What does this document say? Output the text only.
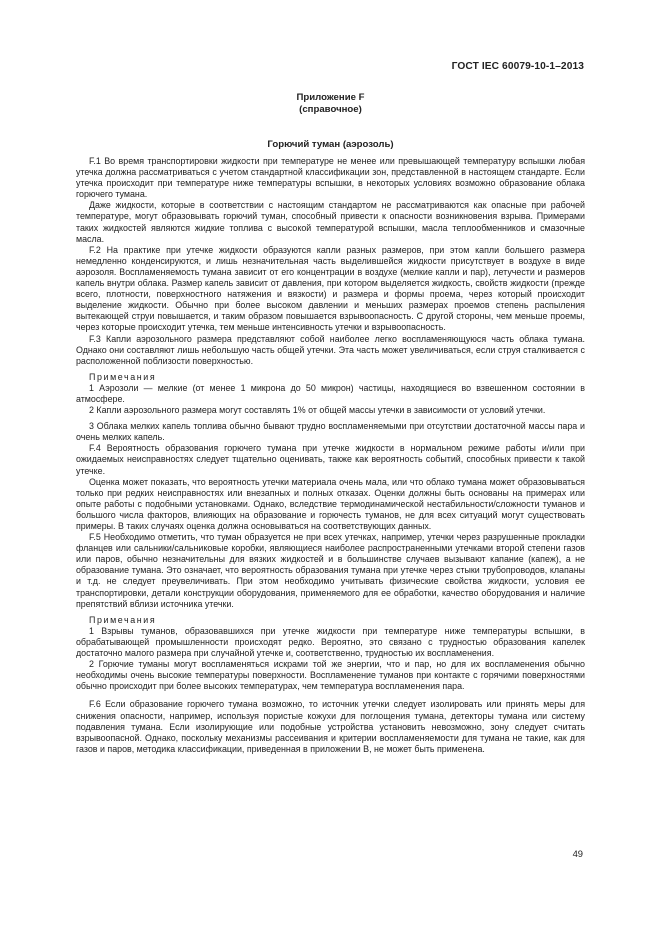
ГОСТ IEC 60079-10-1–2013
Приложение F
(справочное)
Горючий туман (аэрозоль)

F.1 Во время транспортировки жидкости при температуре не менее или превышающей температуру вспышки любая утечка должна рассматриваться с учетом стандартной классификации зон, представленной в настоящем стандарте. Если утечка происходит при температуре ниже температуры вспышки, в некоторых условиях возможно образование облака горючего тумана.

Даже жидкости, которые в соответствии с настоящим стандартом не рассматриваются как опасные при рабочей температуре, могут образовывать горючий туман, способный привести к опасности возникновения взрыва. Примерами таких жидкостей являются жидкие топлива с высокой температурой вспышки, масла теплообменников и смазочные масла.

F.2 На практике при утечке жидкости образуются капли разных размеров, при этом капли большего размера немедленно конденсируются, и лишь незначительная часть выделившейся жидкости присутствует в воздухе в виде аэрозоля. Воспламеняемость тумана зависит от его концентрации в воздухе (мелкие капли и пар), летучести и размеров капель внутри облака. Размер капель зависит от давления, при котором выделяется жидкость, свойств жидкости (прежде всего, плотности, поверхностного натяжения и вязкости) и размера и формы проема, через который происходит выделение жидкости. Обычно при более высоком давлении и меньших размерах проемов степень распыления вытекающей струи повышается, и таким образом повышается взрывоопасность. С другой стороны, чем меньше проемы, через которые происходит утечка, тем меньше интенсивность утечки и взрывоопасность.

F.3 Капли аэрозольного размера представляют собой наиболее легко воспламеняющуюся часть облака тумана. Однако они составляют лишь небольшую часть общей утечки. Эта часть может увеличиваться, если струя сталкивается с расположенной поблизости поверхностью.

Примечания

1 Аэрозоли — мелкие (от менее 1 микрона до 50 микрон) частицы, находящиеся во взвешенном состоянии в атмосфере.

2 Капли аэрозольного размера могут составлять 1% от общей массы утечки в зависимости от условий утечки.

3 Облака мелких капель топлива обычно бывают трудно воспламеняемыми при отсутствии достаточной массы пара и очень мелких капель.

F.4 Вероятность образования горючего тумана при утечке жидкости в нормальном режиме работы и/или при ожидаемых неисправностях следует тщательно оценивать, также как вероятность событий, способных привести к такой утечке.

Оценка может показать, что вероятность утечки материала очень мала, или что облако тумана может образовываться только при редких неисправностях или внезапных и полных отказах. Оценки должны быть основаны на примерах или опыте работы с подобными установками. Однако, вследствие термодинамической нестабильности/сложности туманов и большого числа факторов, влияющих на образование и горючесть туманов, не для всех ситуаций могут существовать примеры. В таких случаях оценка должна основываться на соответствующих данных.

F.5 Необходимо отметить, что туман образуется не при всех утечках, например, утечки через разрушенные прокладки фланцев или сальники/сальниковые коробки, являющиеся наиболее распространенными утечками второй степени газов или паров, обычно незначительны для вязких жидкостей и в большинстве случаев вызывают капание (капеж), а не образование тумана. Это означает, что вероятность образования тумана при утечке через стыки трубопроводов, клапаны и т.д. не следует преувеличивать. При этом необходимо учитывать физические свойства жидкости, условия ее транспортировки, детали конструкции оборудования, применяемого для ее обработки, качество оборудования и наличие препятствий вблизи источника утечки.

Примечания

1 Взрывы туманов, образовавшихся при утечке жидкости при температуре ниже температуры вспышки, в обрабатывающей промышленности происходят редко. Вероятно, это связано с трудностью образования капелек достаточно малого размера при случайной утечке и, соответственно, трудностью их воспламенения.

2 Горючие туманы могут воспламеняться искрами той же энергии, что и пар, но для их воспламенения обычно необходимы очень высокие температуры поверхности. Воспламенение туманов при контакте с горячими поверхностями обычно происходит при более высоких температурах, чем температура воспламенения пара.

F.6 Если образование горючего тумана возможно, то источник утечки следует изолировать или принять меры для снижения опасности, например, используя пористые кожухи для поглощения тумана, детекторы тумана или систему подавления тумана. Если изолирующие или подобные устройства установить невозможно, зону следует считать взрывоопасной. Однако, поскольку механизмы рассеивания и критерии воспламеняемости для тумана не такие, как для газов и паров, методика классификации, приведенная в приложении В, не может быть применена.

49
